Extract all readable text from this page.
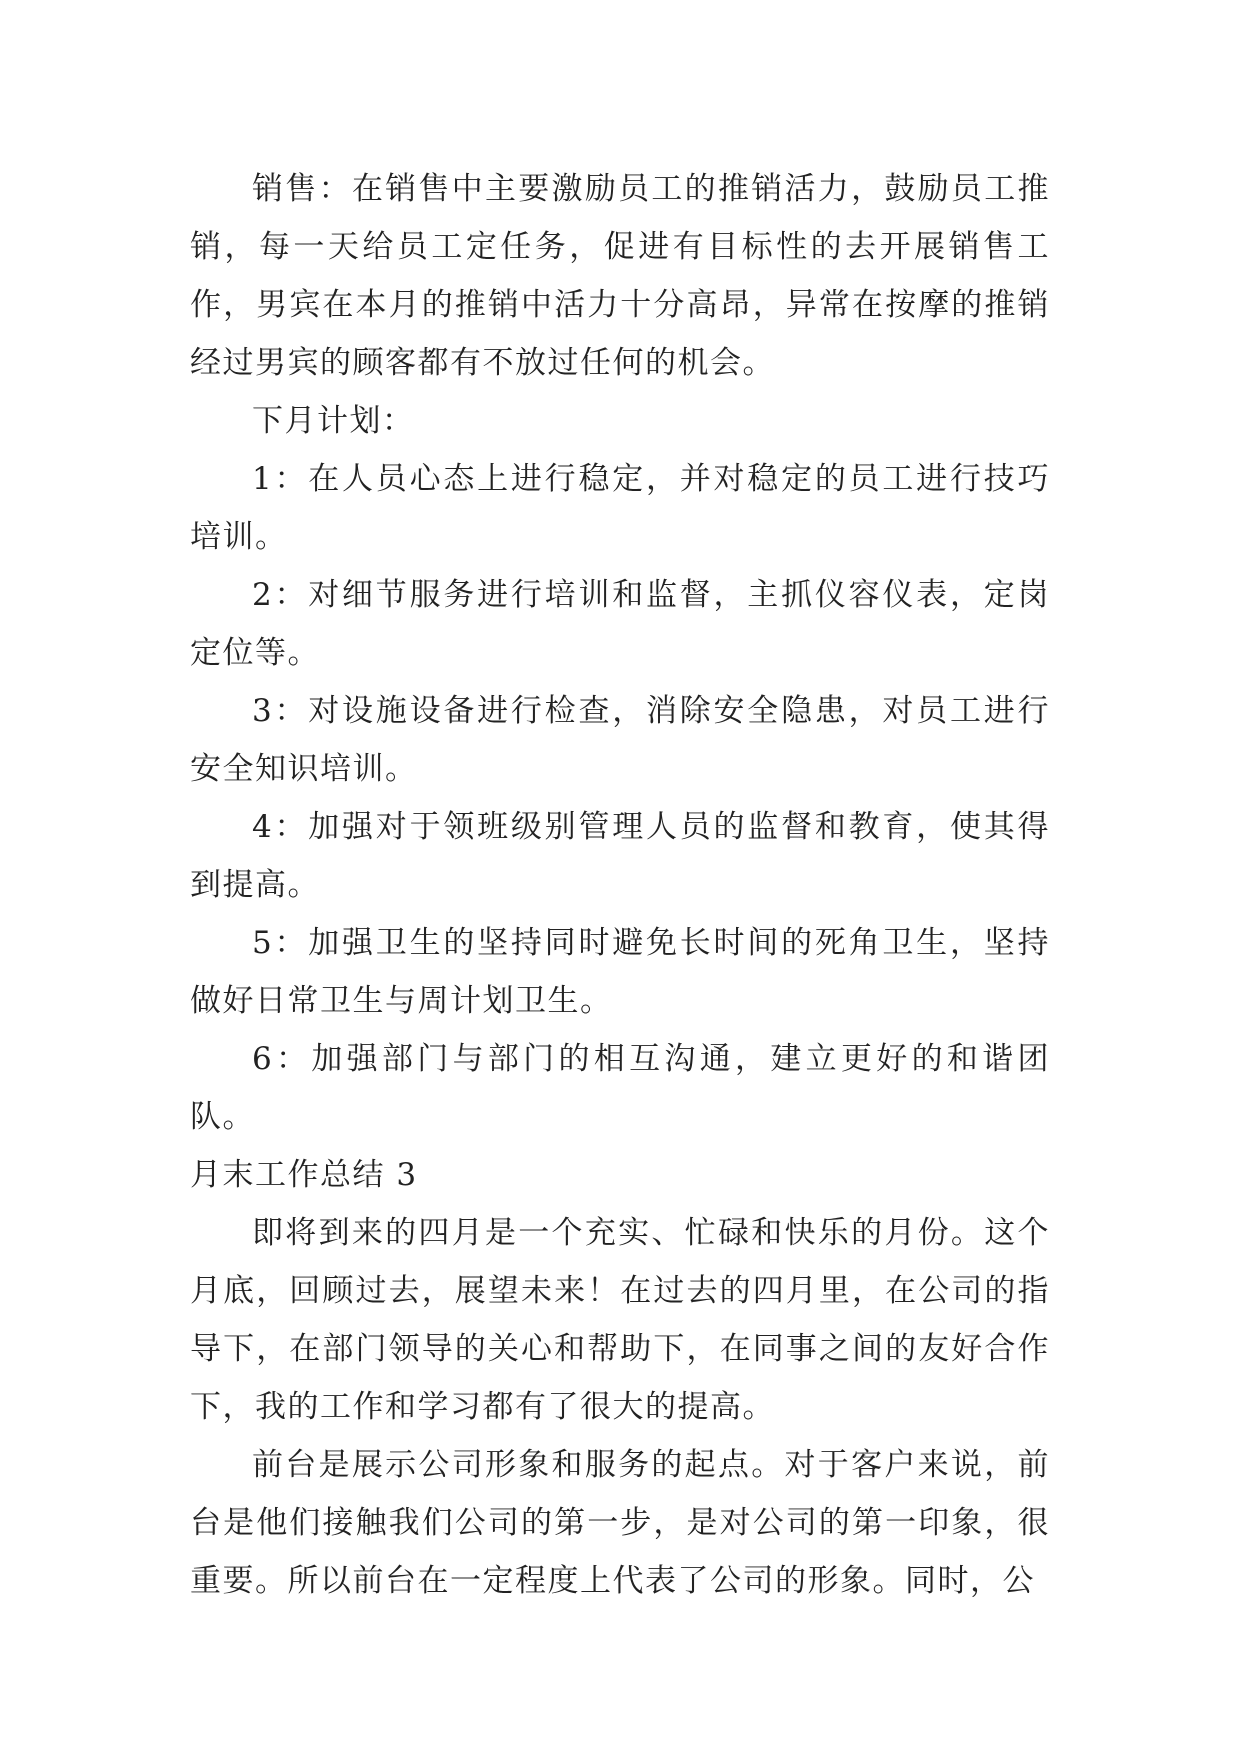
销售：在销售中主要激励员工的推销活力，鼓励员工推销，每一天给员工定任务，促进有目标性的去开展销售工作，男宾在本月的推销中活力十分高昂，异常在按摩的推销经过男宾的顾客都有不放过任何的机会。

下月计划：

1：在人员心态上进行稳定，并对稳定的员工进行技巧培训。

2：对细节服务进行培训和监督，主抓仪容仪表，定岗定位等。

3：对设施设备进行检查，消除安全隐患，对员工进行安全知识培训。

4：加强对于领班级别管理人员的监督和教育，使其得到提高。

5：加强卫生的坚持同时避免长时间的死角卫生，坚持做好日常卫生与周计划卫生。

6：加强部门与部门的相互沟通，建立更好的和谐团队。

月末工作总结 3

即将到来的四月是一个充实、忙碌和快乐的月份。这个月底，回顾过去，展望未来！在过去的四月里，在公司的指导下，在部门领导的关心和帮助下，在同事之间的友好合作下，我的工作和学习都有了很大的提高。

前台是展示公司形象和服务的起点。对于客户来说，前台是他们接触我们公司的第一步，是对公司的第一印象，很重要。所以前台在一定程度上代表了公司的形象。同时，公
